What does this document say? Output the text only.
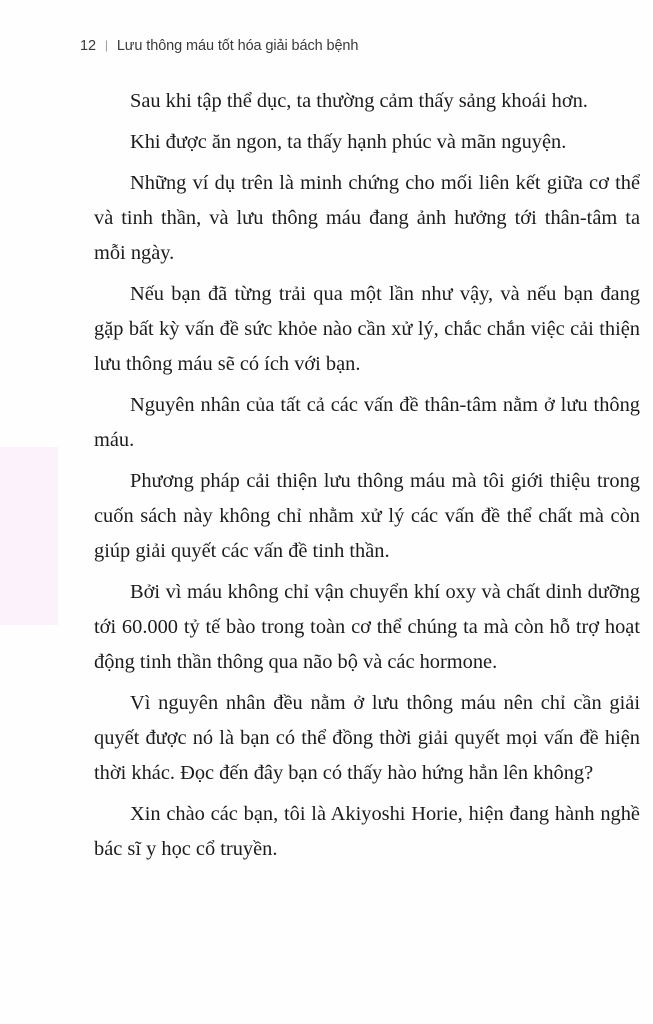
12 | Lưu thông máu tốt hóa giải bách bệnh

Sau khi tập thể dục, ta thường cảm thấy sảng khoái hơn.

Khi được ăn ngon, ta thấy hạnh phúc và mãn nguyện.

Những ví dụ trên là minh chứng cho mối liên kết giữa cơ thể và tinh thần, và lưu thông máu đang ảnh hưởng tới thân-tâm ta mỗi ngày.

Nếu bạn đã từng trải qua một lần như vậy, và nếu bạn đang gặp bất kỳ vấn đề sức khỏe nào cần xử lý, chắc chắn việc cải thiện lưu thông máu sẽ có ích với bạn.

Nguyên nhân của tất cả các vấn đề thân-tâm nằm ở lưu thông máu.

Phương pháp cải thiện lưu thông máu mà tôi giới thiệu trong cuốn sách này không chỉ nhằm xử lý các vấn đề thể chất mà còn giúp giải quyết các vấn đề tinh thần.

Bởi vì máu không chỉ vận chuyển khí oxy và chất dinh dưỡng tới 60.000 tỷ tế bào trong toàn cơ thể chúng ta mà còn hỗ trợ hoạt động tinh thần thông qua não bộ và các hormone.

Vì nguyên nhân đều nằm ở lưu thông máu nên chỉ cần giải quyết được nó là bạn có thể đồng thời giải quyết mọi vấn đề hiện thời khác. Đọc đến đây bạn có thấy hào hứng hẳn lên không?

Xin chào các bạn, tôi là Akiyoshi Horie, hiện đang hành nghề bác sĩ y học cổ truyền.
